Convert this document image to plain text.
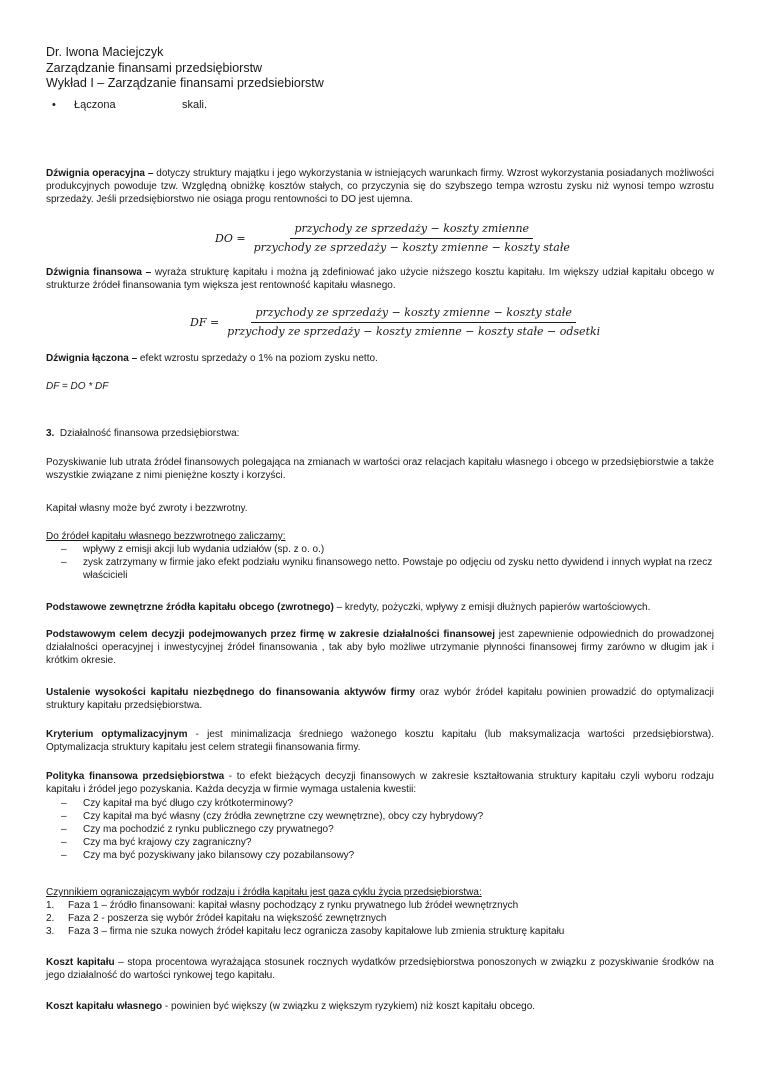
Dr. Iwona Maciejczyk
Zarządzanie finansami przedsiębiorstw
Wykład I – Zarządzanie finansami przedsiebiorstw
• Łączona	skali.

Dźwignia operacyjna – dotyczy struktury majątku i jego wykorzystania w istniejących warunkach firmy. Wzrost wykorzystania posiadanych możliwości produkcyjnych powoduje tzw. Względną obniżkę kosztów stałych, co przyczynia się do szybszego tempa wzrostu zysku niż wynosi tempo wzrostu sprzedaży. Jeśli przedsiębiorstwo nie osiąga progu rentowności to DO jest ujemna.

DO = $\frac{\text{przychody ze sprzedaży − koszty zmienne}}{\text{przychody ze sprzedaży − koszty zmienne − koszty stałe}}$

Dźwignia finansowa – wyraża strukturę kapitału i można ją zdefiniować jako użycie niższego kosztu kapitału. Im większy udział kapitału obcego w strukturze źródeł finansowania tym większa jest rentowność kapitału własnego.

DF =
przychody ze sprzedaży − koszty zmienne − koszty stałe
przychody ze sprzedaży − koszty zmienne − koszty stałe − odsetki

Dźwignia łączona – efekt wzrostu sprzedaży o 1% na poziom zysku netto.

DF = DO * DF

3. Działalność finansowa przedsiębiorstwa:

Pozyskiwanie lub utrata źródeł finansowych polegająca na zmianach w wartości oraz relacjach kapitału własnego i obcego w przedsiębiorstwie a także wszystkie związane z nimi pieniężne koszty i korzyści.

Kapitał własny może być zwroty i bezzwrotny.

Do źródeł kapitału własnego bezzwrotnego zaliczamy:
– wpływy z emisji akcji lub wydania udziałów (sp. z o. o.)
– zysk zatrzymany w firmie jako efekt podziału wyniku finansowego netto. Powstaje po odjęciu od zysku netto dywidend i innych wypłat na rzecz właścicieli

Podstawowe zewnętrzne źródła kapitału obcego (zwrotnego) – kredyty, pożyczki, wpływy z emisji dłużnych papierów wartościowych.

Podstawowym celem decyzji podejmowanych przez firmę w zakresie działalności finansowej jest zapewnienie odpowiednich do prowadzonej działalności operacyjnej i inwestycyjnej źródeł finansowania , tak aby było możliwe utrzymanie płynności finansowej firmy zarówno w długim jak i krótkim okresie.

Ustalenie wysokości kapitału niezbędnego do finansowania aktywów firmy oraz wybór źródeł kapitału powinien prowadzić do optymalizacji struktury kapitału przedsiębiorstwa.

Kryterium optymalizacyjnym - jest minimalizacja średniego ważonego kosztu kapitału (lub maksymalizacja wartości przedsiębiorstwa). Optymalizacja struktury kapitału jest celem strategii finansowania firmy.

Polityka finansowa przedsiębiorstwa - to efekt bieżących decyzji finansowych w zakresie kształtowania struktury kapitału czyli wyboru rodzaju kapitału i źródeł jego pozyskania. Każda decyzja w firmie wymaga ustalenia kwestii:
– Czy kapitał ma być długo czy krótkoterminowy?
– Czy kapitał ma być własny (czy źródła zewnętrzne czy wewnętrzne), obcy czy hybrydowy?
– Czy ma pochodzić z rynku publicznego czy prywatnego?
– Czy ma być krajowy czy zagraniczny?
– Czy ma być pozyskiwany jako bilansowy czy pozabilansowy?
Czynnikiem ograniczającym wybór rodzaju i źródła kapitału jest gaza cyklu życia przedsiębiorstwa:
1. Faza 1 – źródło finansowani: kapitał własny pochodzący z rynku prywatnego lub źródeł wewnętrznych
2. Faza 2 - poszerza się wybór źródeł kapitału na większość zewnętrznych
3. Faza 3 – firma nie szuka nowych źródeł kapitału lecz ogranicza zasoby kapitałowe lub zmienia strukturę kapitału

Koszt kapitału – stopa procentowa wyrażająca stosunek rocznych wydatków przedsiębiorstwa ponoszonych w związku z pozyskiwanie środków na jego działalność do wartości rynkowej tego kapitału.

Koszt kapitału własnego - powinien być większy (w związku z większym ryzykiem) niż koszt kapitału obcego.
